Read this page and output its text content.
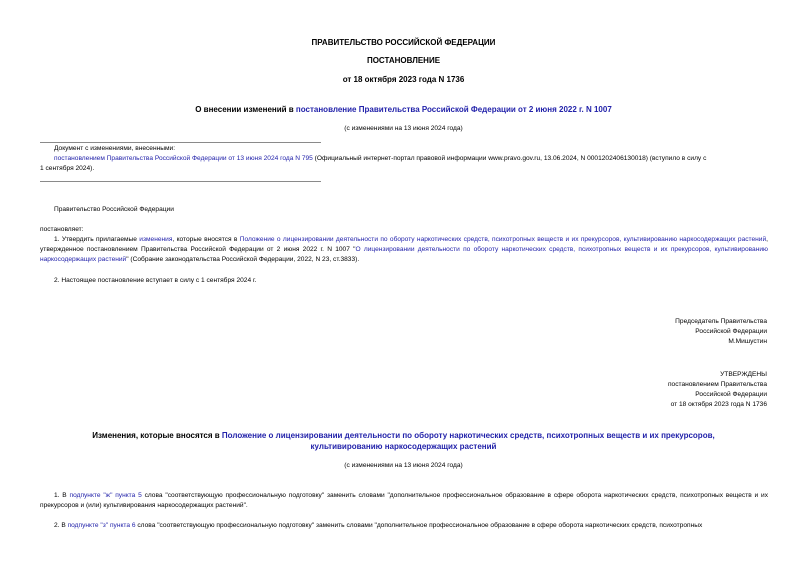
ПРАВИТЕЛЬСТВО РОССИЙСКОЙ ФЕДЕРАЦИИ
ПОСТАНОВЛЕНИЕ
от 18 октября 2023 года N 1736
О внесении изменений в постановление Правительства Российской Федерации от 2 июня 2022 г. N 1007
(с изменениями на 13 июня 2024 года)
Документ с изменениями, внесенными:
постановлением Правительства Российской Федерации от 13 июня 2024 года N 795 (Официальный интернет-портал правовой информации www.pravo.gov.ru, 13.06.2024, N 0001202406130018) (вступило в силу с
1 сентября 2024).
Правительство Российской Федерации
постановляет:
1. Утвердить прилагаемые изменения, которые вносятся в Положение о лицензировании деятельности по обороту наркотических средств, психотропных веществ и их прекурсоров, культивированию наркосодержащих растений, утвержденное постановлением Правительства Российской Федерации от 2 июня 2022 г. N 1007 "О лицензировании деятельности по обороту наркотических средств, психотропных веществ и их прекурсоров, культивированию наркосодержащих растений" (Собрание законодательства Российской Федерации, 2022, N 23, ст.3833).
2. Настоящее постановление вступает в силу с 1 сентября 2024 г.
Председатель Правительства
Российской Федерации
М.Мишустин
УТВЕРЖДЕНЫ
постановлением Правительства
Российской Федерации
от 18 октября 2023 года N 1736
Изменения, которые вносятся в Положение о лицензировании деятельности по обороту наркотических средств, психотропных веществ и их прекурсоров,
культивированию наркосодержащих растений
(с изменениями на 13 июня 2024 года)
1. В подпункте "ж" пункта 5 слова "соответствующую профессиональную подготовку" заменить словами "дополнительное профессиональное образование в сфере оборота наркотических средств, психотропных веществ и их прекурсоров и (или) культивирования наркосодержащих растений".
2. В подпункте "з" пункта 6 слова "соответствующую профессиональную подготовку" заменить словами "дополнительное профессиональное образование в сфере оборота наркотических средств, психотропных
